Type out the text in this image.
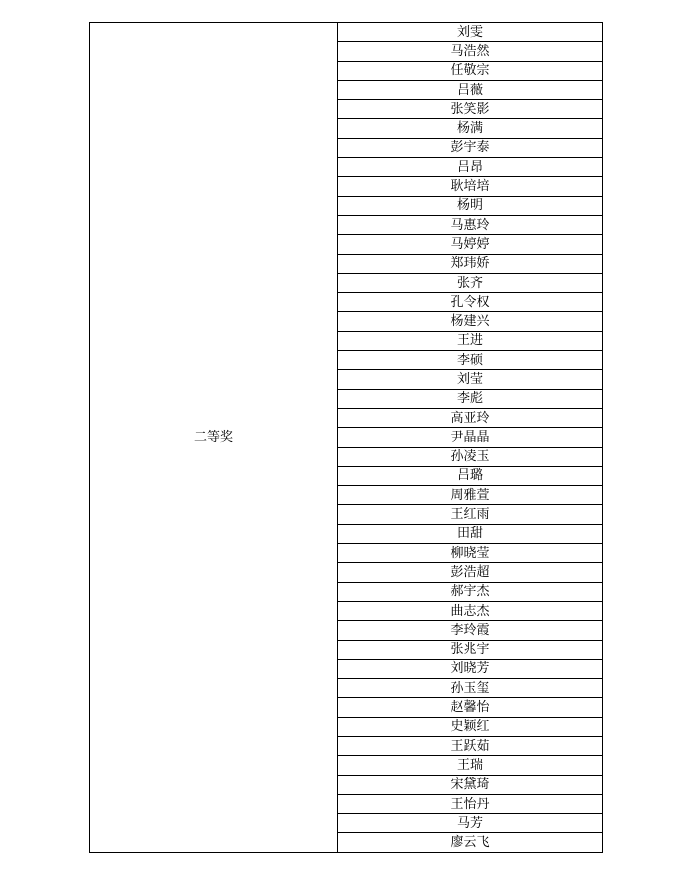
二等奖	刘雯
马浩然
任敬宗
吕薇
张笑影
杨满
彭宇泰
吕昂
耿培培
杨明
马惠玲
马婷婷
郑玮娇
张齐
孔令权
杨建兴
王进
李硕
刘莹
李彪
高亚玲
尹晶晶
孙凌玉
吕璐
周雅萱
王红雨
田甜
柳晓莹
彭浩超
郝宇杰
曲志杰
李玲霞
张兆宇
刘晓芳
孙玉玺
赵馨怡
史颖红
王跃茹
王瑞
宋黛琦
王怡丹
马芳
廖云飞
